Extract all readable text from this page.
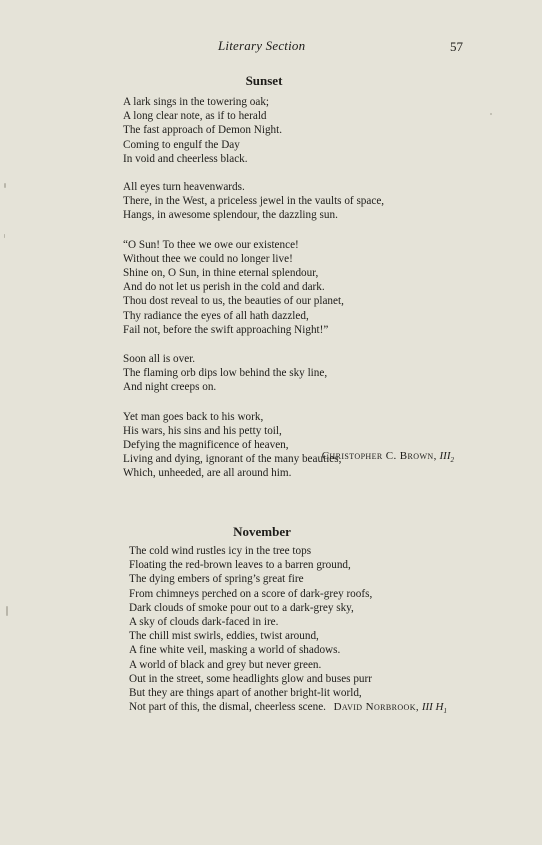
Literary Section	57
Sunset
A lark sings in the towering oak;
A long clear note, as if to herald
The fast approach of Demon Night.
Coming to engulf the Day
In void and cheerless black.
All eyes turn heavenwards.
There, in the West, a priceless jewel in the vaults of space,
Hangs, in awesome splendour, the dazzling sun.
“O Sun! To thee we owe our existence!
Without thee we could no longer live!
Shine on, O Sun, in thine eternal splendour,
And do not let us perish in the cold and dark.
Thou dost reveal to us, the beauties of our planet,
Thy radiance the eyes of all hath dazzled,
Fail not, before the swift approaching Night!”
Soon all is over.
The flaming orb dips low behind the sky line,
And night creeps on.
Yet man goes back to his work,
His wars, his sins and his petty toil,
Defying the magnificence of heaven,
Living and dying, ignorant of the many beauties,
Which, unheeded, are all around him.
Christopher C. Brown, $III_2$
November
The cold wind rustles icy in the tree tops
Floating the red-brown leaves to a barren ground,
The dying embers of spring’s great fire
From chimneys perched on a score of dark-grey roofs,
Dark clouds of smoke pour out to a dark-grey sky,
A sky of clouds dark-faced in ire.
The chill mist swirls, eddies, twist around,
A fine white veil, masking a world of shadows.
A world of black and grey but never green.
Out in the street, some headlights glow and buses purr
But they are things apart of another bright-lit world,
Not part of this, the dismal, cheerless scene. David Norbrook, III $H_1$
